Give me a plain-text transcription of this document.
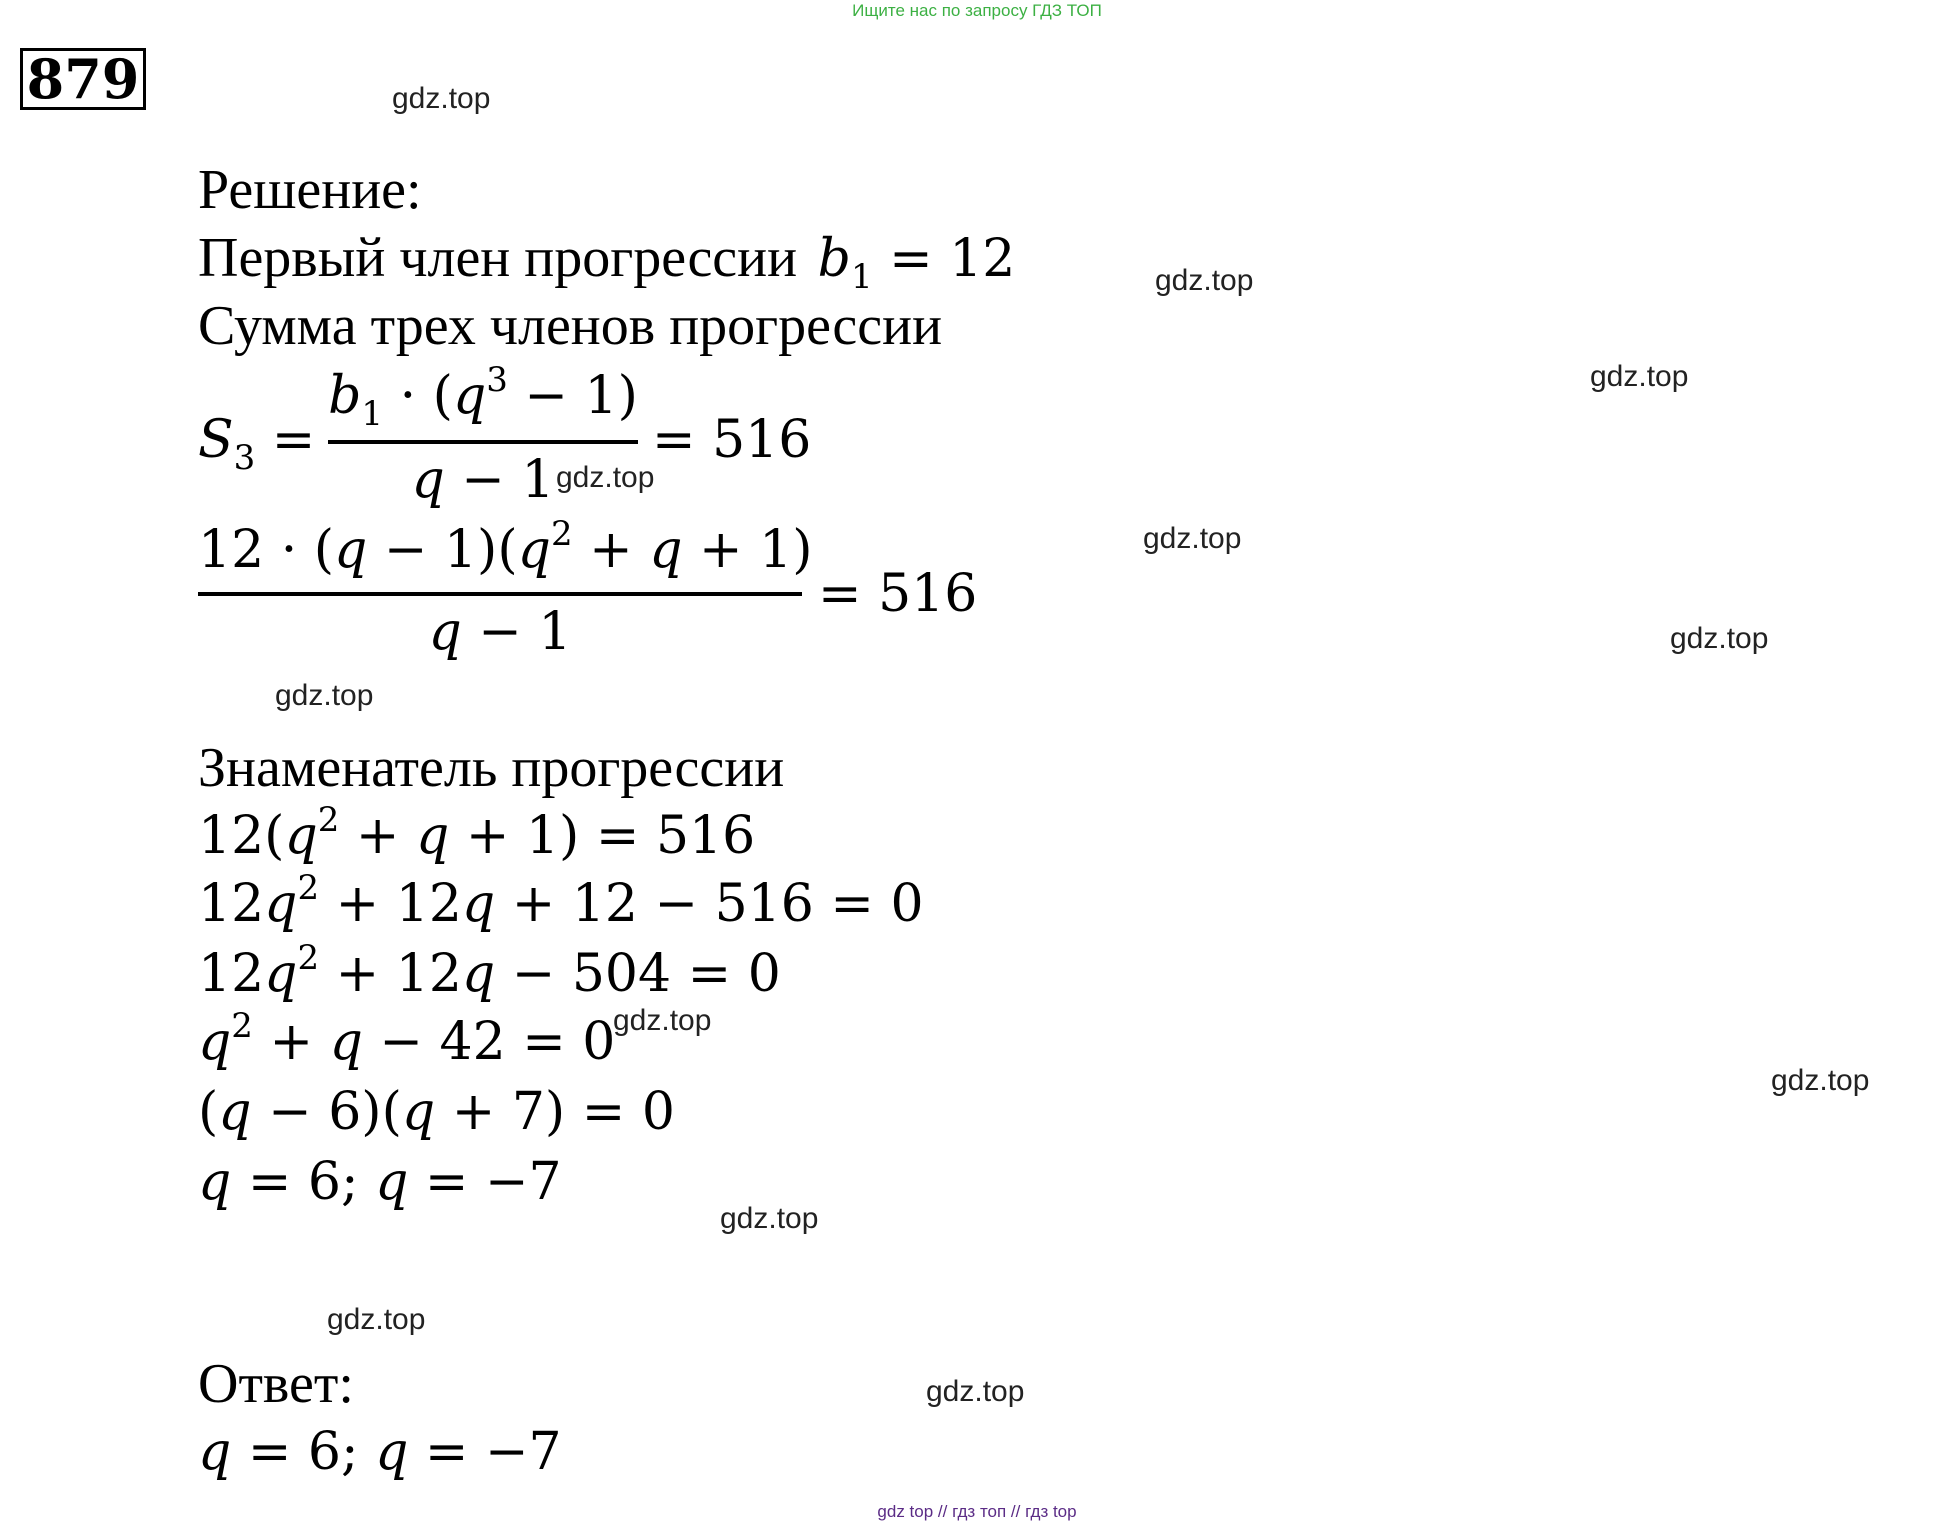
Ищите нас по запросу ГДЗ ТОП
879	gdz.top
gdz.top
gdz.top
gdz.top
gdz.top
gdz.top
gdz.top
gdz.top
gdz.top
gdz.top
gdz.top
gdz.top
Решение:
Первый член прогрессии $b_1 = 12$
Сумма трех членов прогрессии
$S_3$ =
$b_1 \cdot (q^3 - 1)$
q − 1
= 516
$12 \cdot (q - 1)(q^2 + q + 1)$
q − 1
= 516
Знаменатель прогрессии
$12(q^2 + q + 1) = 516$
$12q^2 + 12q + 12 - 516 = 0$
$12q^2 + 12q - 504 = 0$
$q^2 + q - 42 = 0$
(q − 6)(q + 7) = 0
q = 6; q = −7
Ответ:
q = 6; q = −7
gdz top // гдз топ // гдз top
